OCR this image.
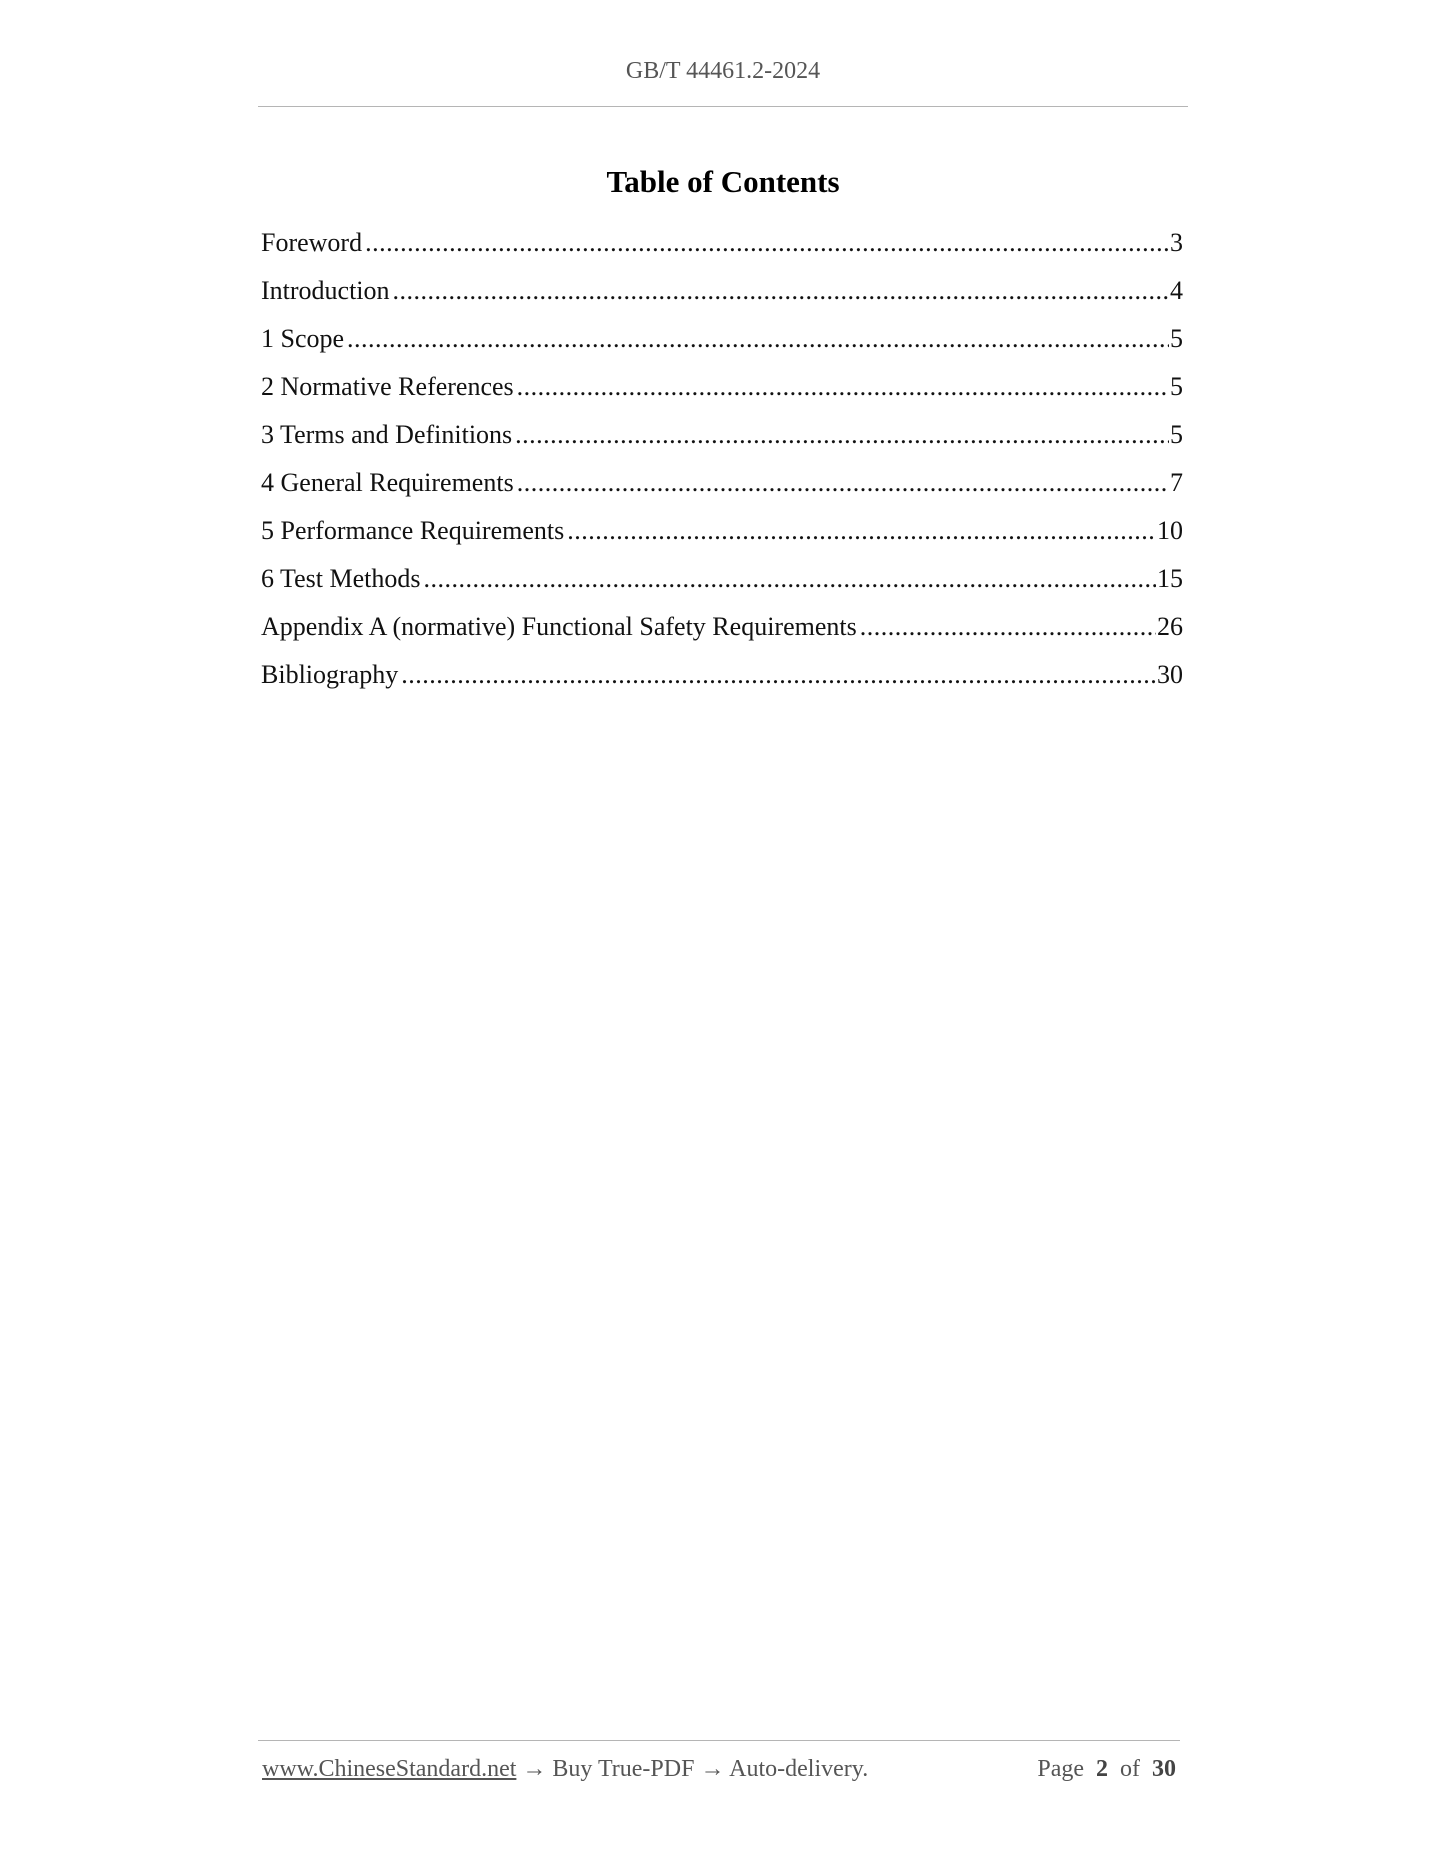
GB/T 44461.2-2024
Table of Contents
Foreword .....	3
Introduction .....	4
1 Scope .....	5
2 Normative References .....	5
3 Terms and Definitions .....	5
4 General Requirements .....	7
5 Performance Requirements .....	10
6 Test Methods .....	15
Appendix A (normative) Functional Safety Requirements .....	26
Bibliography .....	30
www.ChineseStandard.net → Buy True-PDF → Auto-delivery.	Page 2 of 30
